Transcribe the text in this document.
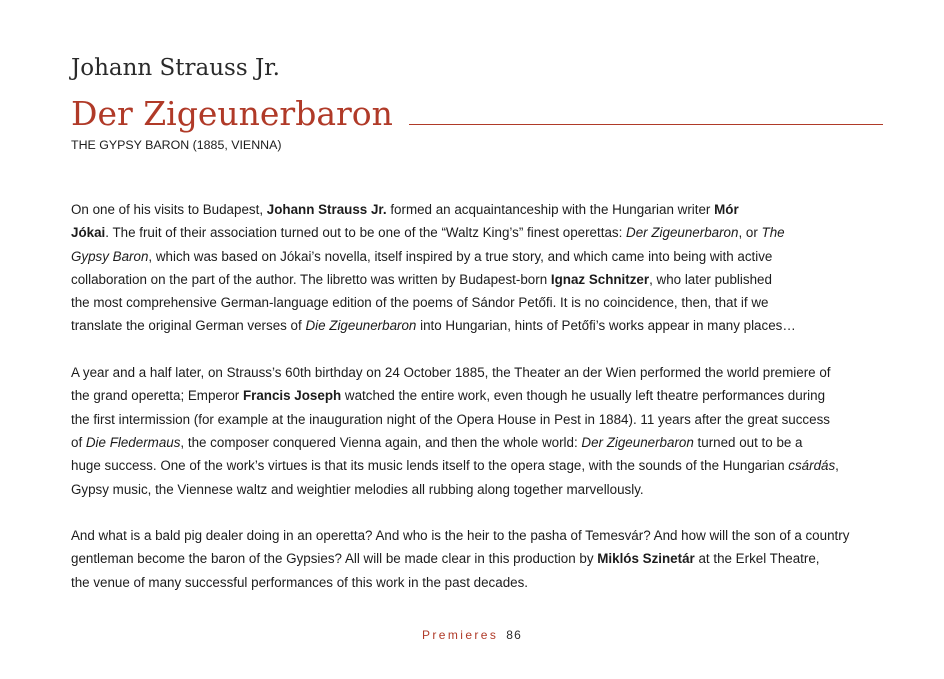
Johann Strauss Jr.
Der Zigeunerbaron
THE GYPSY BARON (1885, VIENNA)

On one of his visits to Budapest, Johann Strauss Jr. formed an acquaintanceship with the Hungarian writer Mór
Jókai. The fruit of their association turned out to be one of the “Waltz King’s” finest operettas: Der Zigeunerbaron, or The
Gypsy Baron, which was based on Jókai’s novella, itself inspired by a true story, and which came into being with active
collaboration on the part of the author. The libretto was written by Budapest-born Ignaz Schnitzer, who later published
the most comprehensive German-language edition of the poems of Sándor Petőfi. It is no coincidence, then, that if we
translate the original German verses of Die Zigeunerbaron into Hungarian, hints of Petőfi’s works appear in many places…

A year and a half later, on Strauss’s 60th birthday on 24 October 1885, the Theater an der Wien performed the world premiere of
the grand operetta; Emperor Francis Joseph watched the entire work, even though he usually left theatre performances during
the first intermission (for example at the inauguration night of the Opera House in Pest in 1884). 11 years after the great success
of Die Fledermaus, the composer conquered Vienna again, and then the whole world: Der Zigeunerbaron turned out to be a
huge success. One of the work’s virtues is that its music lends itself to the opera stage, with the sounds of the Hungarian csárdás,
Gypsy music, the Viennese waltz and weightier melodies all rubbing along together marvellously.

And what is a bald pig dealer doing in an operetta? And who is the heir to the pasha of Temesvár? And how will the son of a country
gentleman become the baron of the Gypsies? All will be made clear in this production by Miklós Szinetár at the Erkel Theatre,
the venue of many successful performances of this work in the past decades.

Premieres 86
